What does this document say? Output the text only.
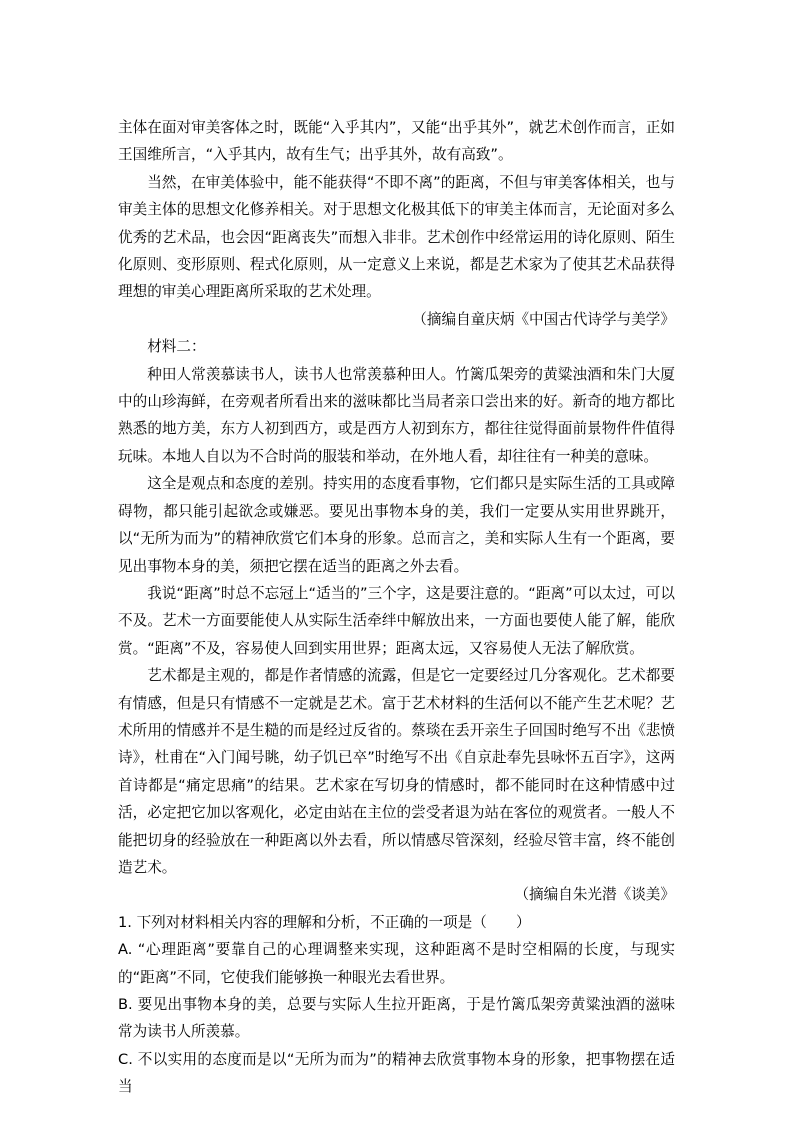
主体在面对审美客体之时，既能“入乎其内”，又能“出乎其外”，就艺术创作而言，正如王国维所言，“入乎其内，故有生气；出乎其外，故有高致”。

当然，在审美体验中，能不能获得“不即不离”的距离，不但与审美客体相关，也与审美主体的思想文化修养相关。对于思想文化极其低下的审美主体而言，无论面对多么优秀的艺术品，也会因“距离丧失”而想入非非。艺术创作中经常运用的诗化原则、陌生化原则、变形原则、程式化原则，从一定意义上来说，都是艺术家为了使其艺术品获得理想的审美心理距离所采取的艺术处理。

（摘编自童庆炳《中国古代诗学与美学》

材料二：

种田人常羡慕读书人，读书人也常羡慕种田人。竹篱瓜架旁的黄粱浊酒和朱门大厦中的山珍海鲜，在旁观者所看出来的滋味都比当局者亲口尝出来的好。新奇的地方都比熟悉的地方美，东方人初到西方，或是西方人初到东方，都往往觉得面前景物件件值得玩味。本地人自以为不合时尚的服装和举动，在外地人看，却往往有一种美的意味。

这全是观点和态度的差别。持实用的态度看事物，它们都只是实际生活的工具或障碍物，都只能引起欲念或嫌恶。要见出事物本身的美，我们一定要从实用世界跳开，以“无所为而为”的精神欣赏它们本身的形象。总而言之，美和实际人生有一个距离，要见出事物本身的美，须把它摆在适当的距离之外去看。

我说“距离”时总不忘冠上“适当的”三个字，这是要注意的。“距离”可以太过，可以不及。艺术一方面要能使人从实际生活牵绊中解放出来，一方面也要使人能了解，能欣赏。“距离”不及，容易使人回到实用世界；距离太远，又容易使人无法了解欣赏。

艺术都是主观的，都是作者情感的流露，但是它一定要经过几分客观化。艺术都要有情感，但是只有情感不一定就是艺术。富于艺术材料的生活何以不能产生艺术呢？艺术所用的情感并不是生糙的而是经过反省的。蔡琰在丢开亲生子回国时绝写不出《悲愤诗》，杜甫在“入门闻号眺，幼子饥已卒”时绝写不出《自京赴奉先县咏怀五百字》，这两首诗都是“痛定思痛”的结果。艺术家在写切身的情感时，都不能同时在这种情感中过活，必定把它加以客观化，必定由站在主位的尝受者退为站在客位的观赏者。一般人不能把切身的经验放在一种距离以外去看，所以情感尽管深刻，经验尽管丰富，终不能创造艺术。

（摘编自朱光潜《谈美》

1. 下列对材料相关内容的理解和分析，不正确的一项是（　　）

A. “心理距离”要靠自己的心理调整来实现，这种距离不是时空相隔的长度，与现实的“距离”不同，它使我们能够换一种眼光去看世界。

B. 要见出事物本身的美，总要与实际人生拉开距离，于是竹篱瓜架旁黄粱浊酒的滋味常为读书人所羡慕。

C. 不以实用的态度而是以“无所为而为”的精神去欣赏事物本身的形象，把事物摆在适当
